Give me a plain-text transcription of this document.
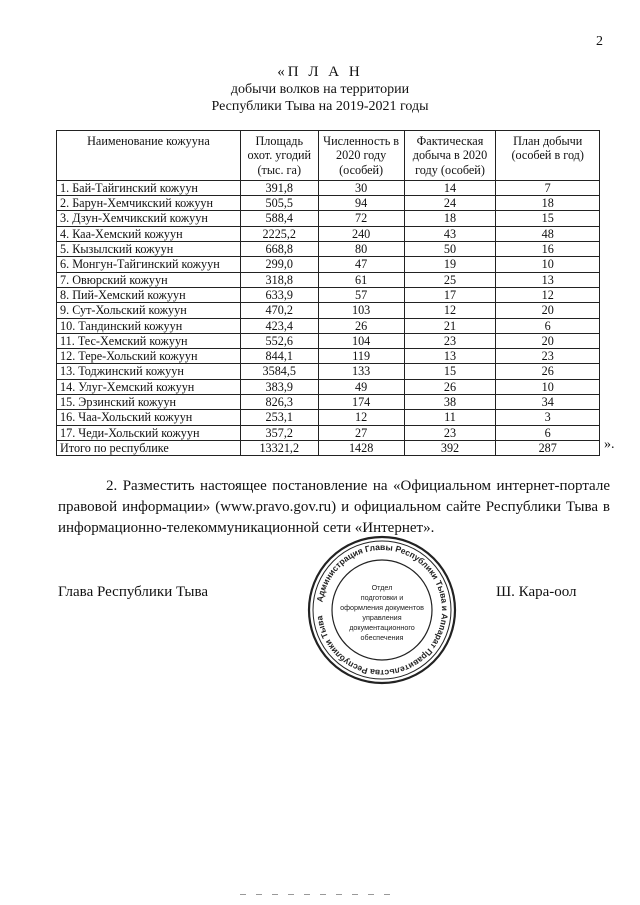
2
«П Л А Н
добычи волков на территории
Республики Тыва на 2019-2021 годы
Наименование кожууна	Площадь охот. угодий (тыс. га)	Численность в 2020 году (особей)	Фактическая добыча в 2020 году (особей)	План добычи (особей в год)
1. Бай-Тайгинский кожуун	391,8	30	14	7
2. Барун-Хемчикский кожуун	505,5	94	24	18
3. Дзун-Хемчикский кожуун	588,4	72	18	15
4. Каа-Хемский кожуун	2225,2	240	43	48
5. Кызылский кожуун	668,8	80	50	16
6. Монгун-Тайгинский кожуун	299,0	47	19	10
7. Овюрский кожуун	318,8	61	25	13
8. Пий-Хемский кожуун	633,9	57	17	12
9. Сут-Хольский кожуун	470,2	103	12	20
10. Тандинский кожуун	423,4	26	21	6
11. Тес-Хемский кожуун	552,6	104	23	20
12. Тере-Хольский кожуун	844,1	119	13	23
13. Тоджинский кожуун	3584,5	133	15	26
14. Улуг-Хемский кожуун	383,9	49	26	10
15. Эрзинский кожуун	826,3	174	38	34
16. Чаа-Хольский кожуун	253,1	12	11	3
17. Чеди-Хольский кожуун	357,2	27	23	6
Итого по республике	13321,2	1428	392	287	».
2. Разместить настоящее постановление на «Официальном интернет-портале правовой информации» (www.pravo.gov.ru) и официальном сайте Республики Тыва в информационно-телекоммуникационной сети «Интернет».
Глава Республики Тыва	Ш. Кара-оол
Администрация Главы Республики Тыва и Аппарат Правительства Республики Тыва
Отдел
подготовки и
оформления документов
управления
документационного
обеспечения
